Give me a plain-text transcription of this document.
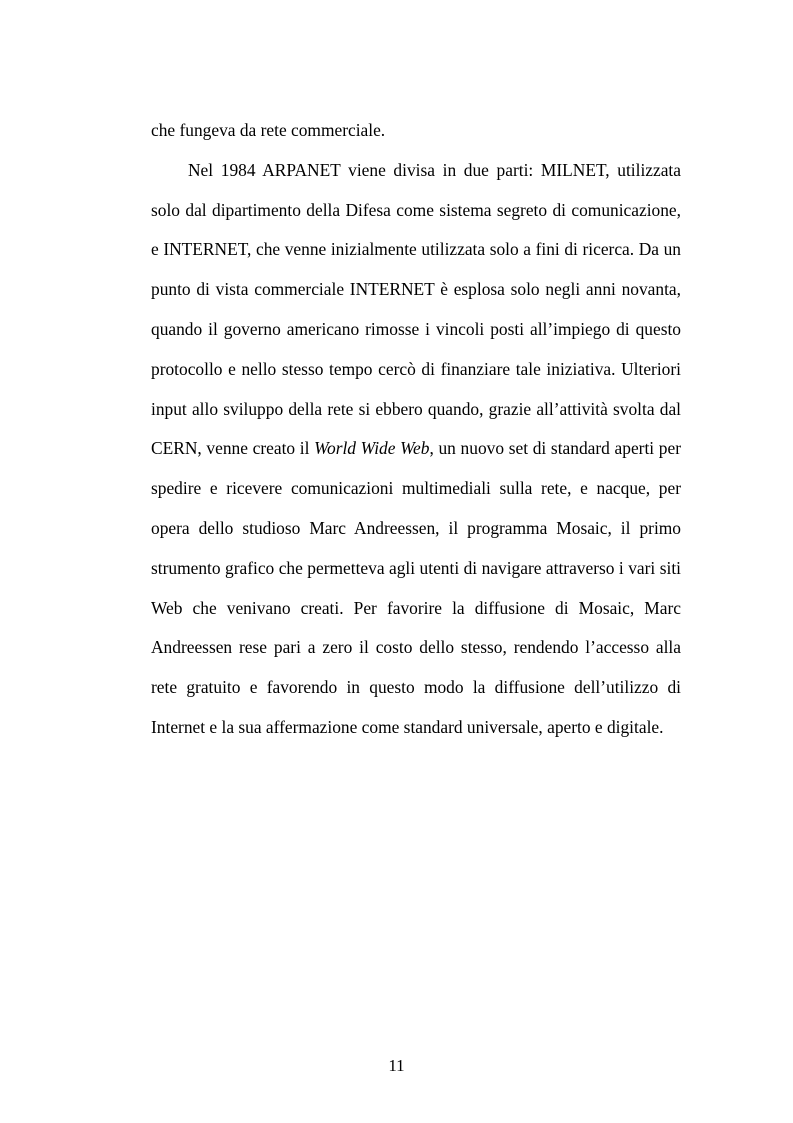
che fungeva da rete commerciale.

Nel 1984 ARPANET viene divisa in due parti: MILNET, utilizzata solo dal dipartimento della Difesa come sistema segreto di comunicazione, e INTERNET, che venne inizialmente utilizzata solo a fini di ricerca. Da un punto di vista commerciale INTERNET è esplosa solo negli anni novanta, quando il governo americano rimosse i vincoli posti all’impiego di questo protocollo e nello stesso tempo cercò di finanziare tale iniziativa. Ulteriori input allo sviluppo della rete si ebbero quando, grazie all’attività svolta dal CERN, venne creato il World Wide Web, un nuovo set di standard aperti per spedire e ricevere comunicazioni multimediali sulla rete, e nacque, per opera dello studioso Marc Andreessen, il programma Mosaic, il primo strumento grafico che permetteva agli utenti di navigare attraverso i vari siti Web che venivano creati. Per favorire la diffusione di Mosaic, Marc Andreessen rese pari a zero il costo dello stesso, rendendo l’accesso alla rete gratuito e favorendo in questo modo la diffusione dell’utilizzo di Internet e la sua affermazione come standard universale, aperto e digitale.

11
